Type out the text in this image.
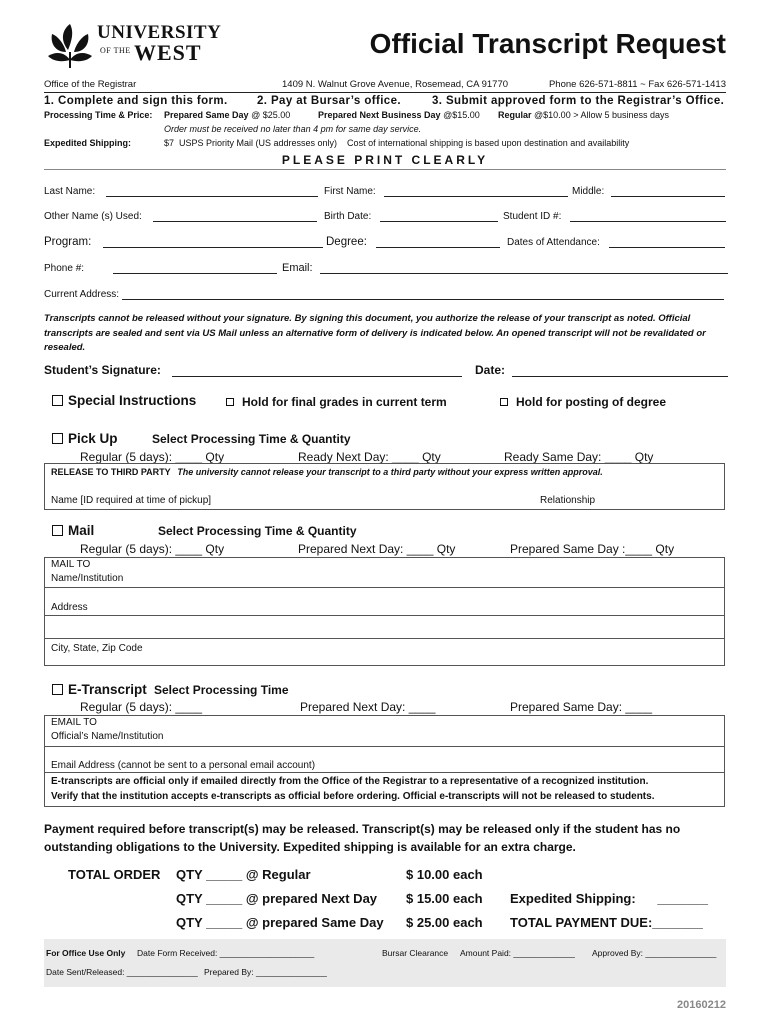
UNIVERSITY
OF THE WEST	Official Transcript Request
Office of the Registrar	1409 N. Walnut Grove Avenue, Rosemead, CA 91770	Phone 626-571-8811 ~ Fax 626-571-1413
1. Complete and sign this form.	2. Pay at Bursar’s office.	3. Submit approved form to the Registrar’s Office.
Processing Time & Price: Prepared Same Day @ $25.00	Prepared Next Business Day @$15.00 Regular @$10.00 > Allow 5 business days
Order must be received no later than 4 pm for same day service.
Expedited Shipping:	$7  USPS Priority Mail (US addresses only)    Cost of international shipping is based upon destination and availability
PLEASE PRINT CLEARLY
Last Name:	First Name:	Middle:
Other Name (s) Used:	Birth Date:	Student ID #:
Program:	Degree:	Dates of Attendance:
Phone #:	Email:
Current Address:
Transcripts cannot be released without your signature. By signing this document, you authorize the release of your transcript as noted. Official transcripts are sealed and sent via US Mail unless an alternative form of delivery is indicated below. An opened transcript will not be revalidated or resealed.
Student’s Signature:	Date:
Special Instructions	Hold for final grades in current term	Hold for posting of degree
Pick Up	Select Processing Time & Quantity
Regular (5 days): ____ Qty	Ready Next Day: ____ Qty	Ready Same Day: ____ Qty
RELEASE TO THIRD PARTY The university cannot release your transcript to a third party without your express written approval.
Name [ID required at time of pickup]	Relationship
Mail	Select Processing Time & Quantity
Regular (5 days): ____ Qty	Prepared Next Day: ____ Qty	Prepared Same Day :____ Qty
MAIL TO
Name/Institution
Address
City, State, Zip Code
E-Transcript Select Processing Time
Regular (5 days): ____	Prepared Next Day: ____	Prepared Same Day: ____
EMAIL TO
Official’s Name/Institution
Email Address (cannot be sent to a personal email account)
E-transcripts are official only if emailed directly from the Office of the Registrar to a representative of a recognized institution.
Verify that the institution accepts e-transcripts as official before ordering. Official e-transcripts will not be released to students.
Payment required before transcript(s) may be released. Transcript(s) may be released only if the student has no
outstanding obligations to the University. Expedited shipping is available for an extra charge.
TOTAL ORDER QTY _____ @ Regular	$ 10.00 each
QTY _____ @ prepared Next Day $ 15.00 each Expedited Shipping:      _______
QTY _____ @ prepared Same Day $ 25.00 each TOTAL PAYMENT DUE:_______
For Office Use Only Date Form Received: ____________________	Bursar Clearance Amount Paid: _____________ Approved By: _______________
Date Sent/Released: _______________ Prepared By: _______________
20160212
